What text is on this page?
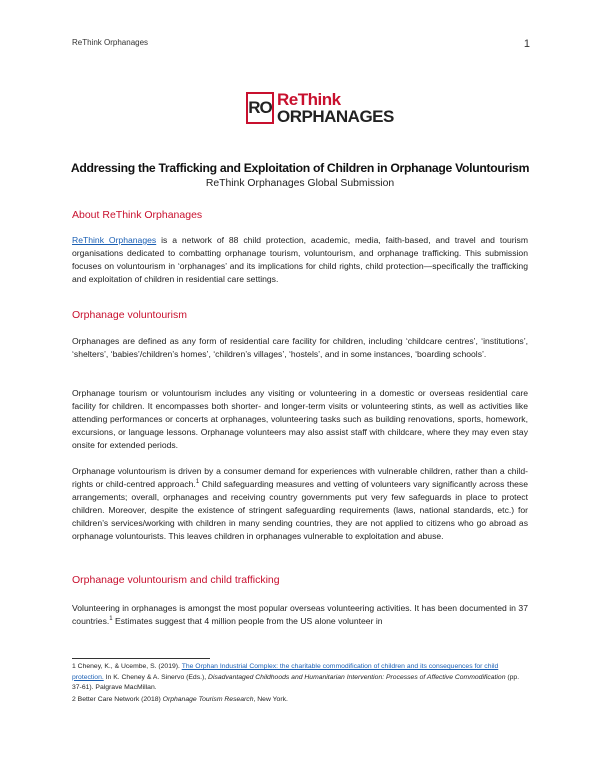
ReThink Orphanages	1
RO ReThink
ORPHANAGES
Addressing the Trafficking and Exploitation of Children in Orphanage Voluntourism
ReThink Orphanages Global Submission
About ReThink Orphanages
ReThink Orphanages is a network of 88 child protection, academic, media, faith-based, and travel and tourism organisations dedicated to combatting orphanage tourism, voluntourism, and orphanage trafficking. This submission focuses on voluntourism in ‘orphanages’ and its implications for child rights, child protection—specifically the trafficking and exploitation of children in residential care settings.
Orphanage voluntourism
Orphanages are defined as any form of residential care facility for children, including ‘childcare centres’, ‘institutions’, ‘shelters’, ‘babies’/children’s homes’, ‘children’s villages’, ‘hostels’, and in some instances, ‘boarding schools’.
Orphanage tourism or voluntourism includes any visiting or volunteering in a domestic or overseas residential care facility for children. It encompasses both shorter- and longer-term visits or volunteering stints, as well as activities like attending performances or concerts at orphanages, volunteering tasks such as building renovations, sports, homework, excursions, or language lessons. Orphanage volunteers may also assist staff with childcare, where they may even stay onsite for extended periods.
Orphanage voluntourism is driven by a consumer demand for experiences with vulnerable children, rather than a child-rights or child-centred approach.$^1$ Child safeguarding measures and vetting of volunteers vary significantly across these arrangements; overall, orphanages and receiving country governments put very few safeguards in place to protect children. Moreover, despite the existence of stringent safeguarding requirements (laws, national standards, etc.) for children’s services/working with children in many sending countries, they are not applied to citizens who go abroad as orphanage voluntourists. This leaves children in orphanages vulnerable to exploitation and abuse.
Orphanage voluntourism and child trafficking
Volunteering in orphanages is amongst the most popular overseas volunteering activities. It has been documented in 37 countries.$^1$ Estimates suggest that 4 million people from the US alone volunteer in
1 Cheney, K., & Ucembe, S. (2019). The Orphan Industrial Complex: the charitable commodification of children and its consequences for child protection. In K. Cheney & A. Sinervo (Eds.), Disadvantaged Childhoods and Humanitarian Intervention: Processes of Affective Commodification (pp. 37-61). Palgrave MacMillan.
2 Better Care Network (2018) Orphanage Tourism Research, New York.
